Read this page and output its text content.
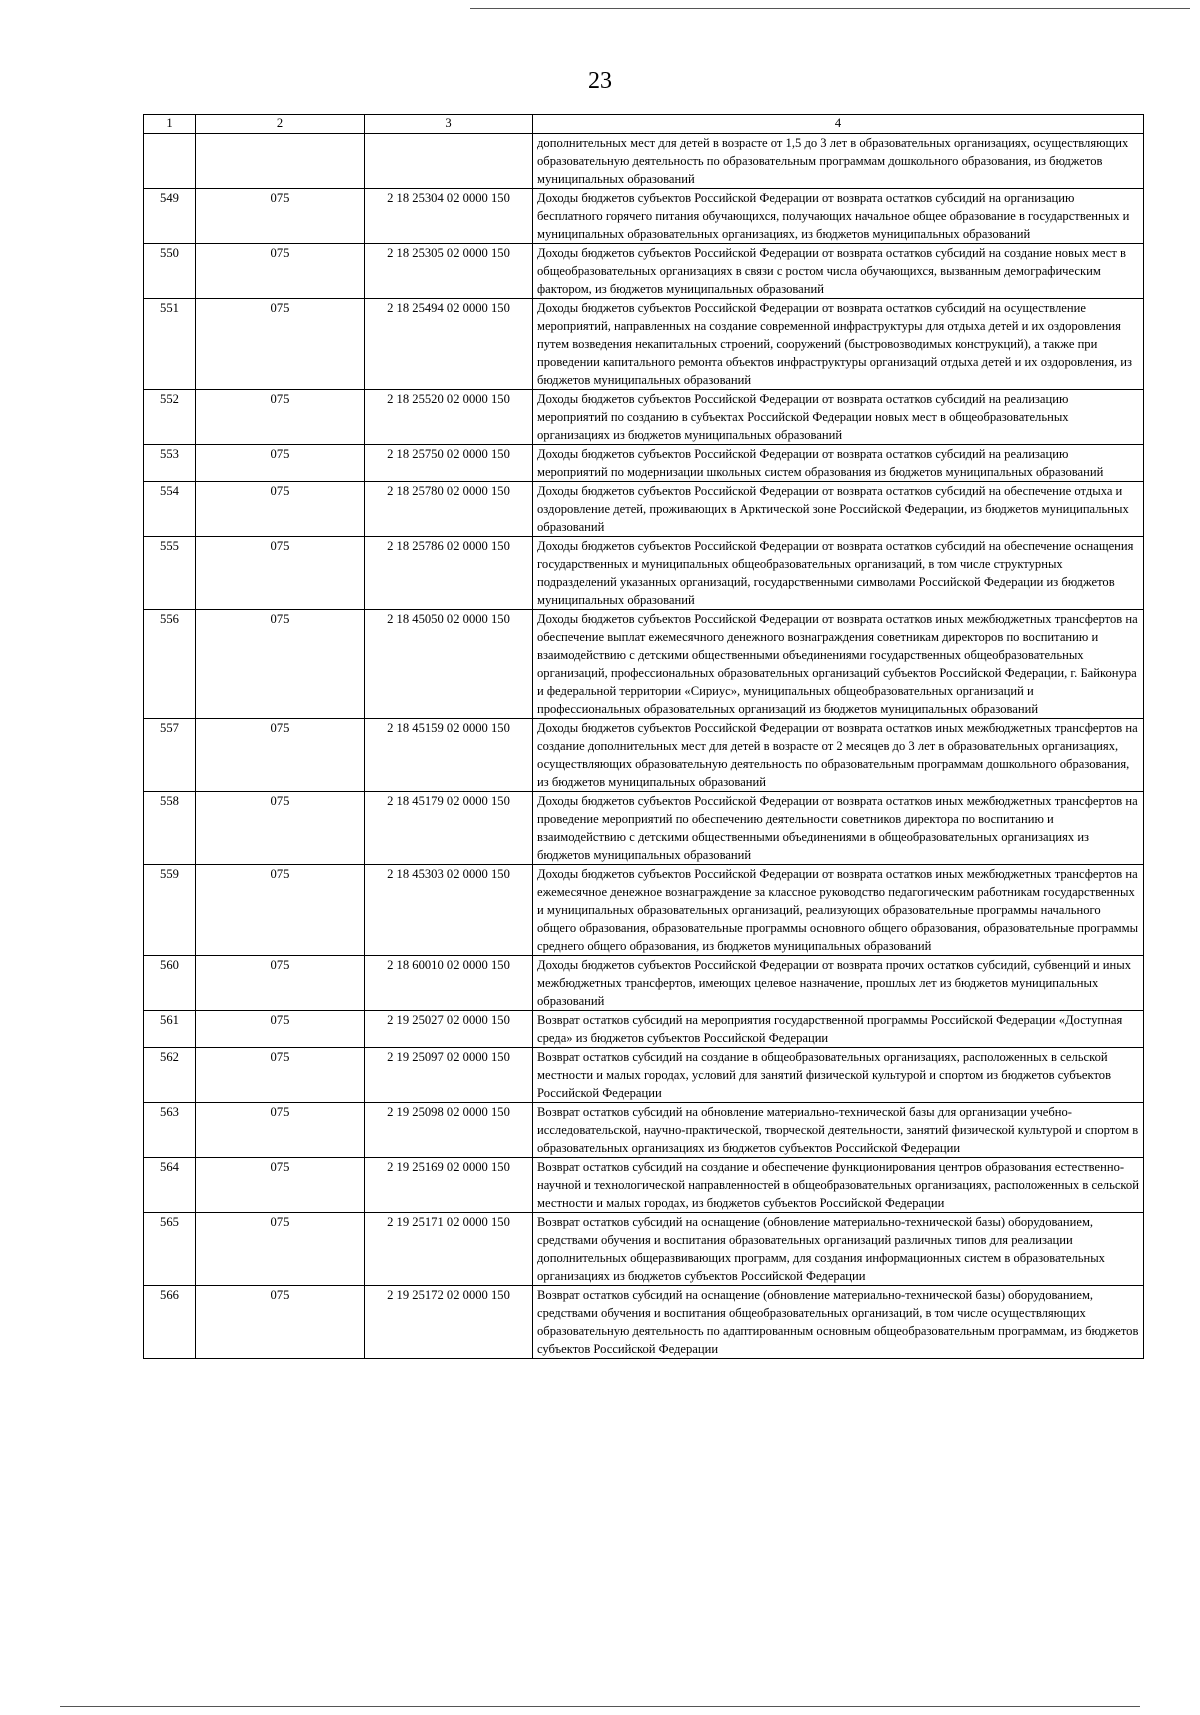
23
1	2	3	4
			дополнительных мест для детей в возрасте от 1,5 до 3 лет в образовательных организациях, осуществляющих образовательную деятельность по образовательным программам дошкольного образования, из бюджетов муниципальных образований
549	075	2 18 25304 02 0000 150	Доходы бюджетов субъектов Российской Федерации от возврата остатков субсидий на организацию бесплатного горячего питания обучающихся, получающих начальное общее образование в государственных и муниципальных образовательных организациях, из бюджетов муниципальных образований
550	075	2 18 25305 02 0000 150	Доходы бюджетов субъектов Российской Федерации от возврата остатков субсидий на создание новых мест в общеобразовательных организациях в связи с ростом числа обучающихся, вызванным демографическим фактором, из бюджетов муниципальных образований
551	075	2 18 25494 02 0000 150	Доходы бюджетов субъектов Российской Федерации от возврата остатков субсидий на осуществление мероприятий, направленных на создание современной инфраструктуры для отдыха детей и их оздоровления путем возведения некапитальных строений, сооружений (быстровозводимых конструкций), а также при проведении капитального ремонта объектов инфраструктуры организаций отдыха детей и их оздоровления, из бюджетов муниципальных образований
552	075	2 18 25520 02 0000 150	Доходы бюджетов субъектов Российской Федерации от возврата остатков субсидий на реализацию мероприятий по созданию в субъектах Российской Федерации новых мест в общеобразовательных организациях из бюджетов муниципальных образований
553	075	2 18 25750 02 0000 150	Доходы бюджетов субъектов Российской Федерации от возврата остатков субсидий на реализацию мероприятий по модернизации школьных систем образования из бюджетов муниципальных образований
554	075	2 18 25780 02 0000 150	Доходы бюджетов субъектов Российской Федерации от возврата остатков субсидий на обеспечение отдыха и оздоровление детей, проживающих в Арктической зоне Российской Федерации, из бюджетов муниципальных образований
555	075	2 18 25786 02 0000 150	Доходы бюджетов субъектов Российской Федерации от возврата остатков субсидий на обеспечение оснащения государственных и муниципальных общеобразовательных организаций, в том числе структурных подразделений указанных организаций, государственными символами Российской Федерации из бюджетов муниципальных образований
556	075	2 18 45050 02 0000 150	Доходы бюджетов субъектов Российской Федерации от возврата остатков иных межбюджетных трансфертов на обеспечение выплат ежемесячного денежного вознаграждения советникам директоров по воспитанию и взаимодействию с детскими общественными объединениями государственных общеобразовательных организаций, профессиональных образовательных организаций субъектов Российской Федерации, г. Байконура и федеральной территории «Сириус», муниципальных общеобразовательных организаций и профессиональных образовательных организаций из бюджетов муниципальных образований
557	075	2 18 45159 02 0000 150	Доходы бюджетов субъектов Российской Федерации от возврата остатков иных межбюджетных трансфертов на создание дополнительных мест для детей в возрасте от 2 месяцев до 3 лет в образовательных организациях, осуществляющих образовательную деятельность по образовательным программам дошкольного образования, из бюджетов муниципальных образований
558	075	2 18 45179 02 0000 150	Доходы бюджетов субъектов Российской Федерации от возврата остатков иных межбюджетных трансфертов на проведение мероприятий по обеспечению деятельности советников директора по воспитанию и взаимодействию с детскими общественными объединениями в общеобразовательных организациях из бюджетов муниципальных образований
559	075	2 18 45303 02 0000 150	Доходы бюджетов субъектов Российской Федерации от возврата остатков иных межбюджетных трансфертов на ежемесячное денежное вознаграждение за классное руководство педагогическим работникам государственных и муниципальных образовательных организаций, реализующих образовательные программы начального общего образования, образовательные программы основного общего образования, образовательные программы среднего общего образования, из бюджетов муниципальных образований
560	075	2 18 60010 02 0000 150	Доходы бюджетов субъектов Российской Федерации от возврата прочих остатков субсидий, субвенций и иных межбюджетных трансфертов, имеющих целевое назначение, прошлых лет из бюджетов муниципальных образований
561	075	2 19 25027 02 0000 150	Возврат остатков субсидий на мероприятия государственной программы Российской Федерации «Доступная среда» из бюджетов субъектов Российской Федерации
562	075	2 19 25097 02 0000 150	Возврат остатков субсидий на создание в общеобразовательных организациях, расположенных в сельской местности и малых городах, условий для занятий физической культурой и спортом из бюджетов субъектов Российской Федерации
563	075	2 19 25098 02 0000 150	Возврат остатков субсидий на обновление материально-технической базы для организации учебно-исследовательской, научно-практической, творческой деятельности, занятий физической культурой и спортом в образовательных организациях из бюджетов субъектов Российской Федерации
564	075	2 19 25169 02 0000 150	Возврат остатков субсидий на создание и обеспечение функционирования центров образования естественно-научной и технологической направленностей в общеобразовательных организациях, расположенных в сельской местности и малых городах, из бюджетов субъектов Российской Федерации
565	075	2 19 25171 02 0000 150	Возврат остатков субсидий на оснащение (обновление материально-технической базы) оборудованием, средствами обучения и воспитания образовательных организаций различных типов для реализации дополнительных общеразвивающих программ, для создания информационных систем в образовательных организациях из бюджетов субъектов Российской Федерации
566	075	2 19 25172 02 0000 150	Возврат остатков субсидий на оснащение (обновление материально-технической базы) оборудованием, средствами обучения и воспитания общеобразовательных организаций, в том числе осуществляющих образовательную деятельность по адаптированным основным общеобразовательным программам, из бюджетов субъектов Российской Федерации
